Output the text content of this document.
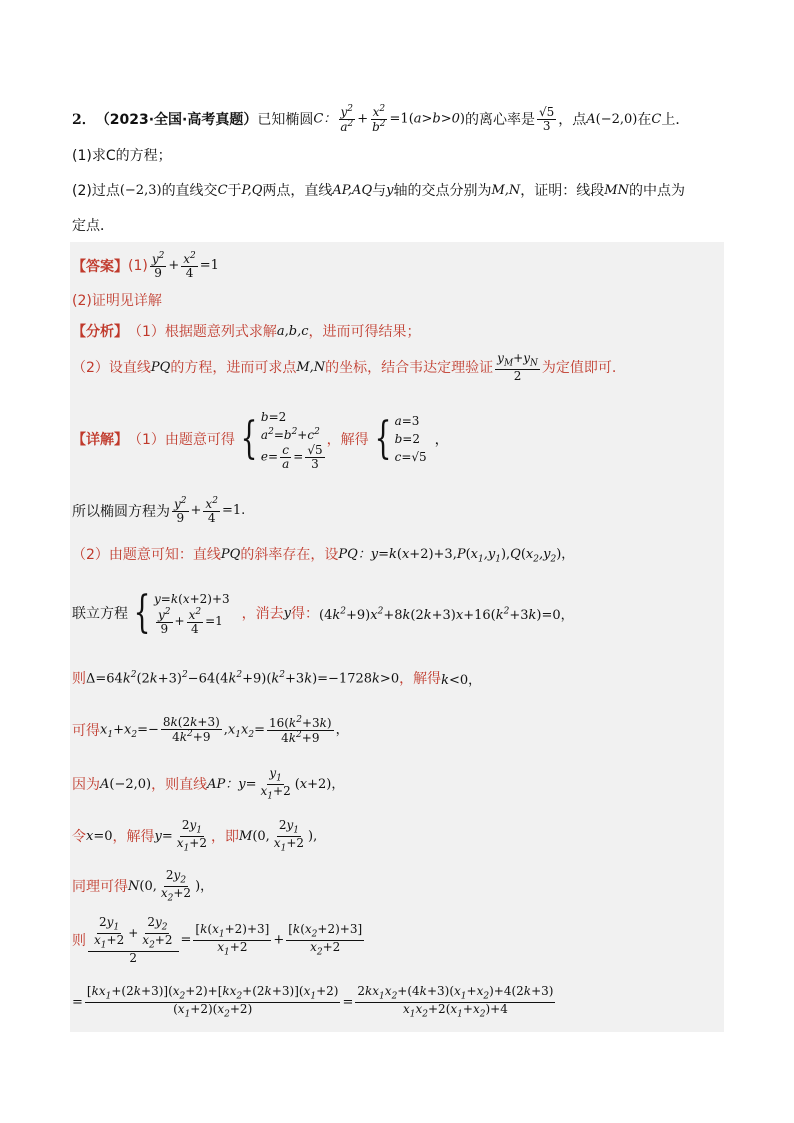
2． （2023·全国·高考真题） 已知椭圆 C： $\frac{y^2}{a^2} + \frac{x^2}{b^2} =1(a>b>0)$ 的离心率是 $\frac{√5}{3}$ ，点 A(−2,0) 在 C 上．
(1)求C的方程；
(2)过点 (−2,3) 的直线交 C 于 P,Q 两点，直线 AP,AQ 与 y 轴的交点分别为 M,N ，证明：线段 MN 的中点为
定点．
【答案】 $(1) \frac{y^2}{9} + \frac{x^2}{4} =1$
(2)证明见详解
【分析】 （1）根据题意列式求解 a,b,c ，进而可得结果；
（2）设直线 PQ 的方程，进而可求点 M,N 的坐标，结合韦达定理验证 $\frac{y_M+y_N}{2}$ 为定值即可.
【详解】 （1）由题意可得 { b=2
$a^2=b^2+c^2$
$e= \frac{c}{a} = \frac{√5}{3}$
，解得 { a=3
b=2
c=√5
，
所以椭圆方程为 $\frac{y^2}{9} + \frac{x^2}{4} =1$.
（2）由题意可知：直线 PQ 的斜率存在，设 PQ：$y=k(x+2)+3,P(x_1,y_1),Q(x_2,y_2)$，
联立方程 { y=k(x+2)+3
$\frac{y^2}{9} + \frac{x^2}{4} =1$	，消去 y 得： $(4k^2+9)x^2+8k(2k+3)x+16(k^2+3k)=0$，
则 $\Delta=64k^2(2k+3)^2-64(4k^2+9)(k^2+3k)=-1728k>0$ ，解得 k<0，
可得 $x_1+x_2=- \frac{8k(2k+3)}{4k^2+9} ,x_1x_2= \frac{16(k^2+3k)}{4k^2+9}$ ，
因为 A(−2,0) ，则直线 AP：$y= \frac{y_1}{x_1+2} (x+2)$，
令 x=0 ，解得 $y= \frac{2y_1}{x_1+2}$ ，即 M(0, $\frac{2y_1}{x_1+2}$ ),
同理可得 N(0, $\frac{2y_2}{x_2+2}$ )，
则 $\frac{\frac{2y_1}{x_1+2} + \frac{2y_2}{x_2+2}}{2} = \frac{[k(x_1+2)+3]}{x_1+2} + \frac{[k(x_2+2)+3]}{x_2+2}$
= $\frac{[kx_1+(2k+3)](x_2+2)+[kx_2+(2k+3)](x_1+2)}{(x_1+2)(x_2+2)} = \frac{2kx_1x_2+(4k+3)(x_1+x_2)+4(2k+3)}{x_1x_2+2(x_1+x_2)+4}$
